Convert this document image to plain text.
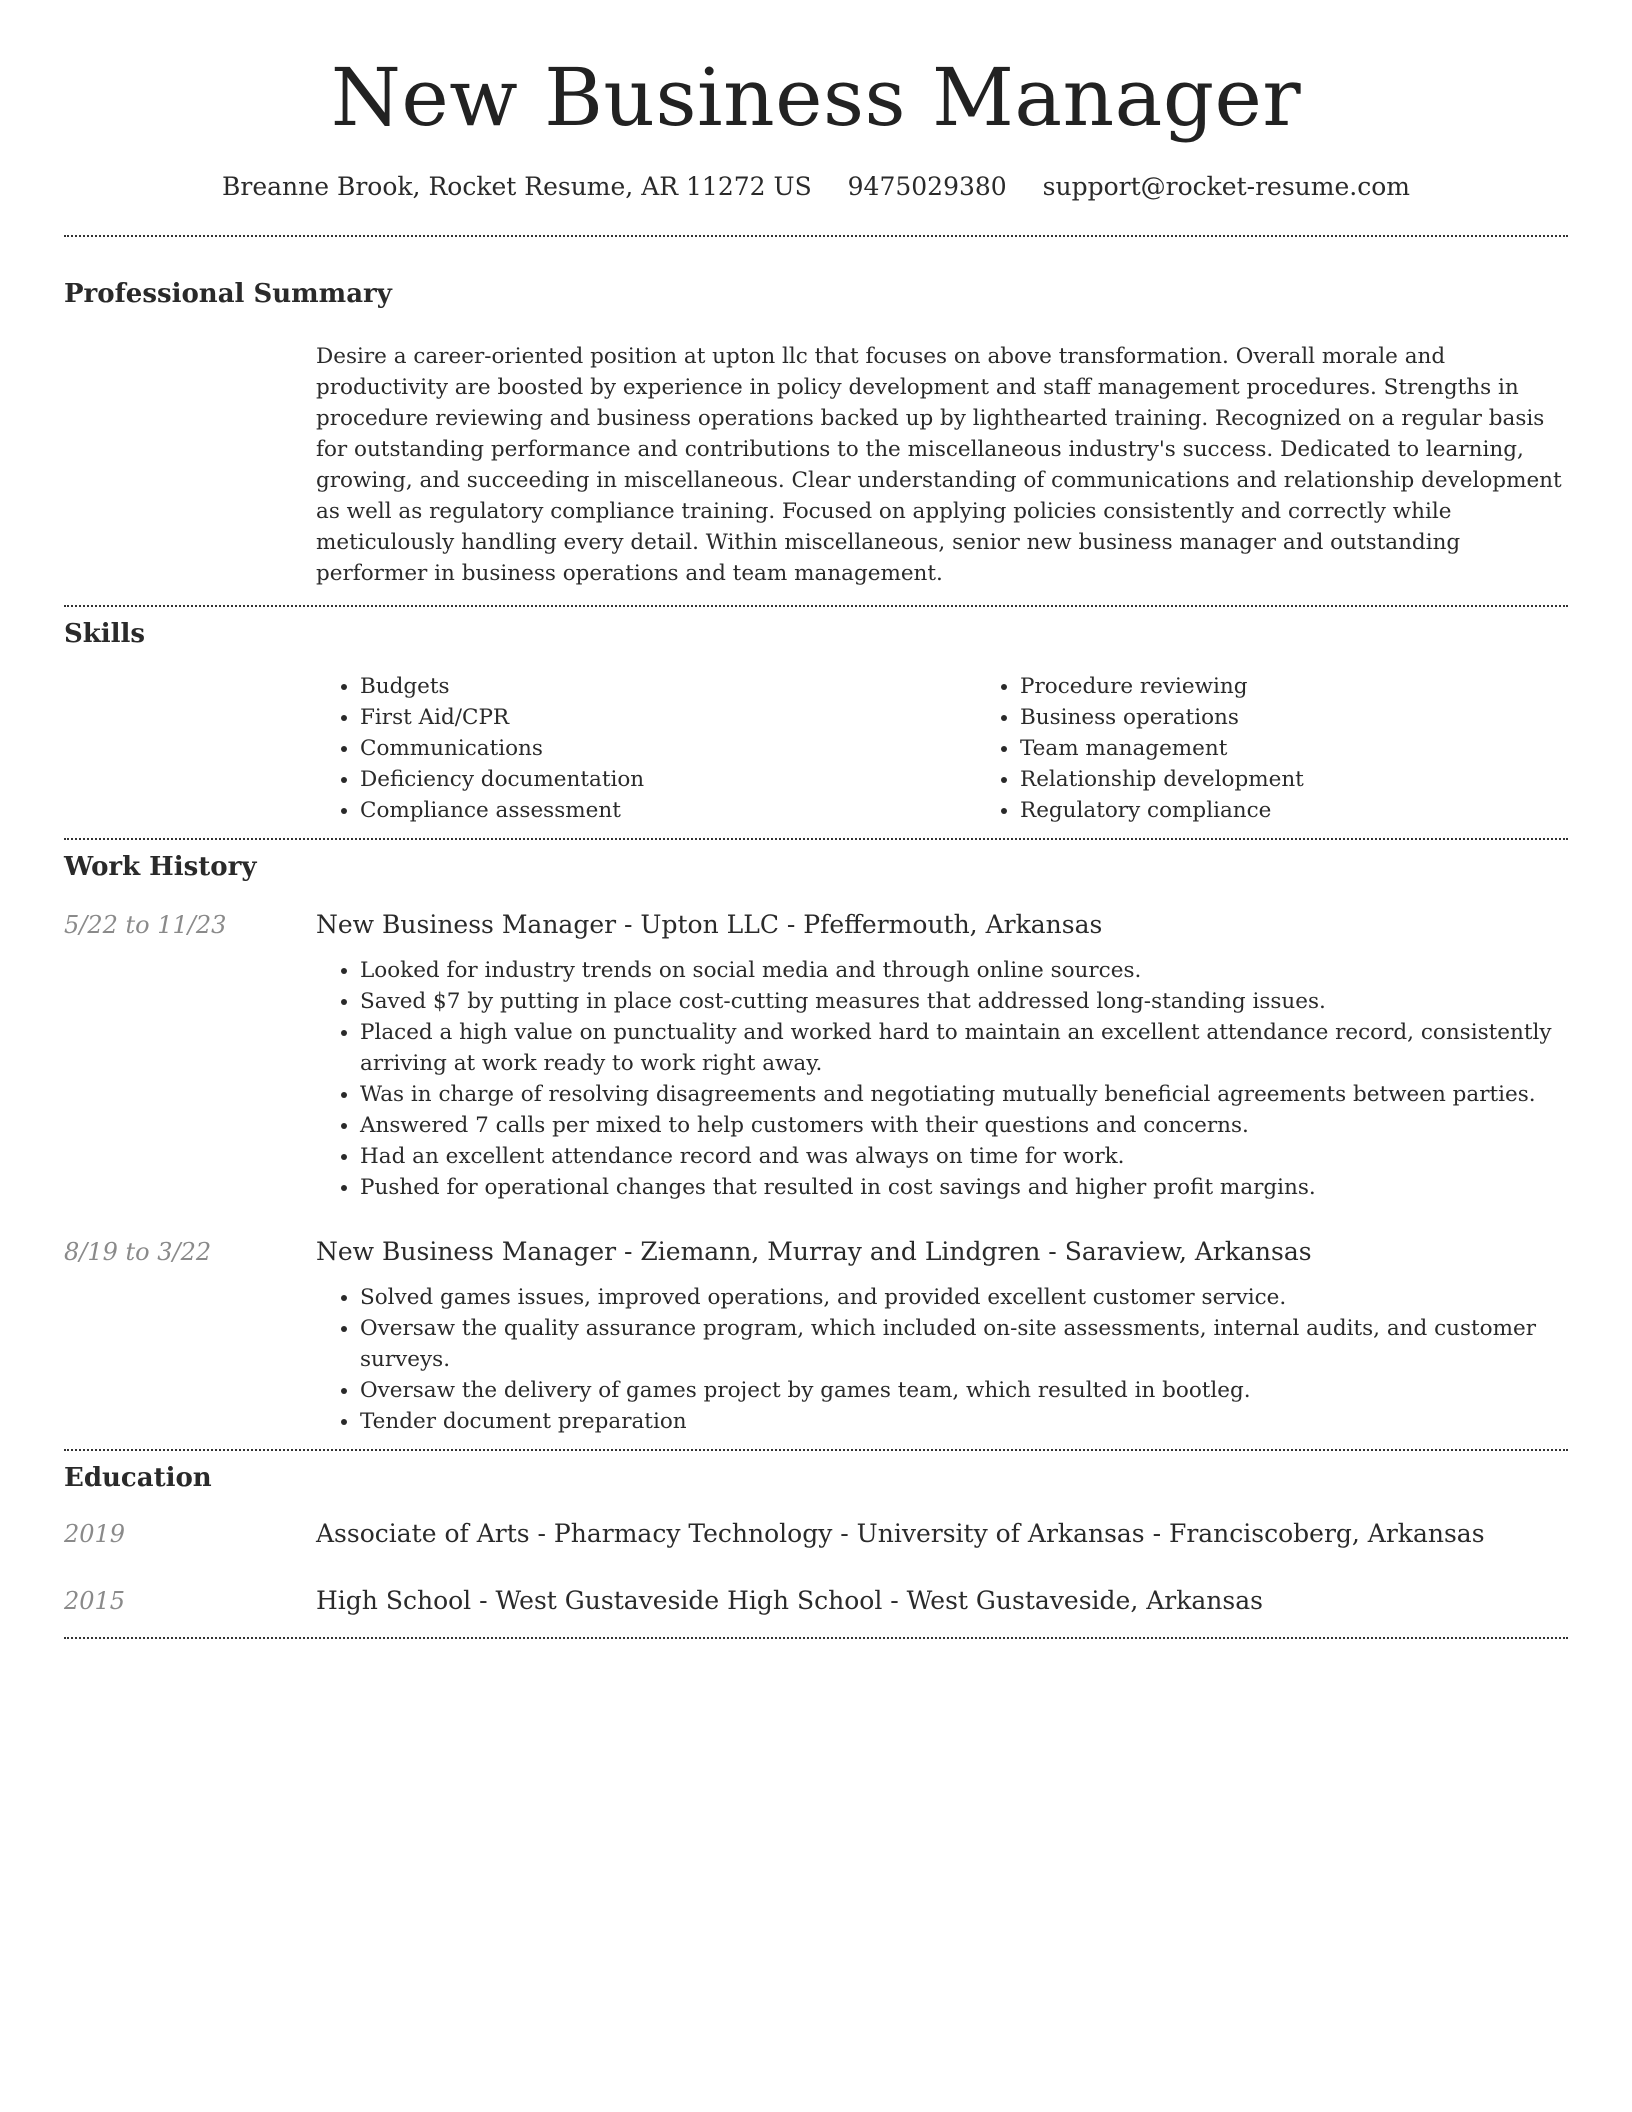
New Business Manager
Breanne Brook, Rocket Resume, AR 11272 US 9475029380 support@rocket-resume.com
Professional Summary

Desire a career-oriented position at upton llc that focuses on above transformation. Overall morale and productivity are boosted by experience in policy development and staff management procedures. Strengths in procedure reviewing and business operations backed up by lighthearted training. Recognized on a regular basis for outstanding performance and contributions to the miscellaneous industry's success. Dedicated to learning, growing, and succeeding in miscellaneous. Clear understanding of communications and relationship development as well as regulatory compliance training. Focused on applying policies consistently and correctly while meticulously handling every detail. Within miscellaneous, senior new business manager and outstanding performer in business operations and team management.

Skills
• Budgets
• First Aid/CPR
• Communications
• Deficiency documentation
• Compliance assessment
• Procedure reviewing
• Business operations
• Team management
• Relationship development
• Regulatory compliance
Work History
5/22 to 11/23	New Business Manager - Upton LLC - Pfeffermouth, Arkansas
• Looked for industry trends on social media and through online sources.
• Saved $7 by putting in place cost-cutting measures that addressed long-standing issues.
• Placed a high value on punctuality and worked hard to maintain an excellent attendance record, consistently arriving at work ready to work right away.
• Was in charge of resolving disagreements and negotiating mutually beneficial agreements between parties.
• Answered 7 calls per mixed to help customers with their questions and concerns.
• Had an excellent attendance record and was always on time for work.
• Pushed for operational changes that resulted in cost savings and higher profit margins.
8/19 to 3/22	New Business Manager - Ziemann, Murray and Lindgren - Saraview, Arkansas
• Solved games issues, improved operations, and provided excellent customer service.
• Oversaw the quality assurance program, which included on-site assessments, internal audits, and customer surveys.
• Oversaw the delivery of games project by games team, which resulted in bootleg.
• Tender document preparation
Education
2019	Associate of Arts - Pharmacy Technology - University of Arkansas - Franciscoberg, Arkansas
2015	High School - West Gustaveside High School - West Gustaveside, Arkansas
